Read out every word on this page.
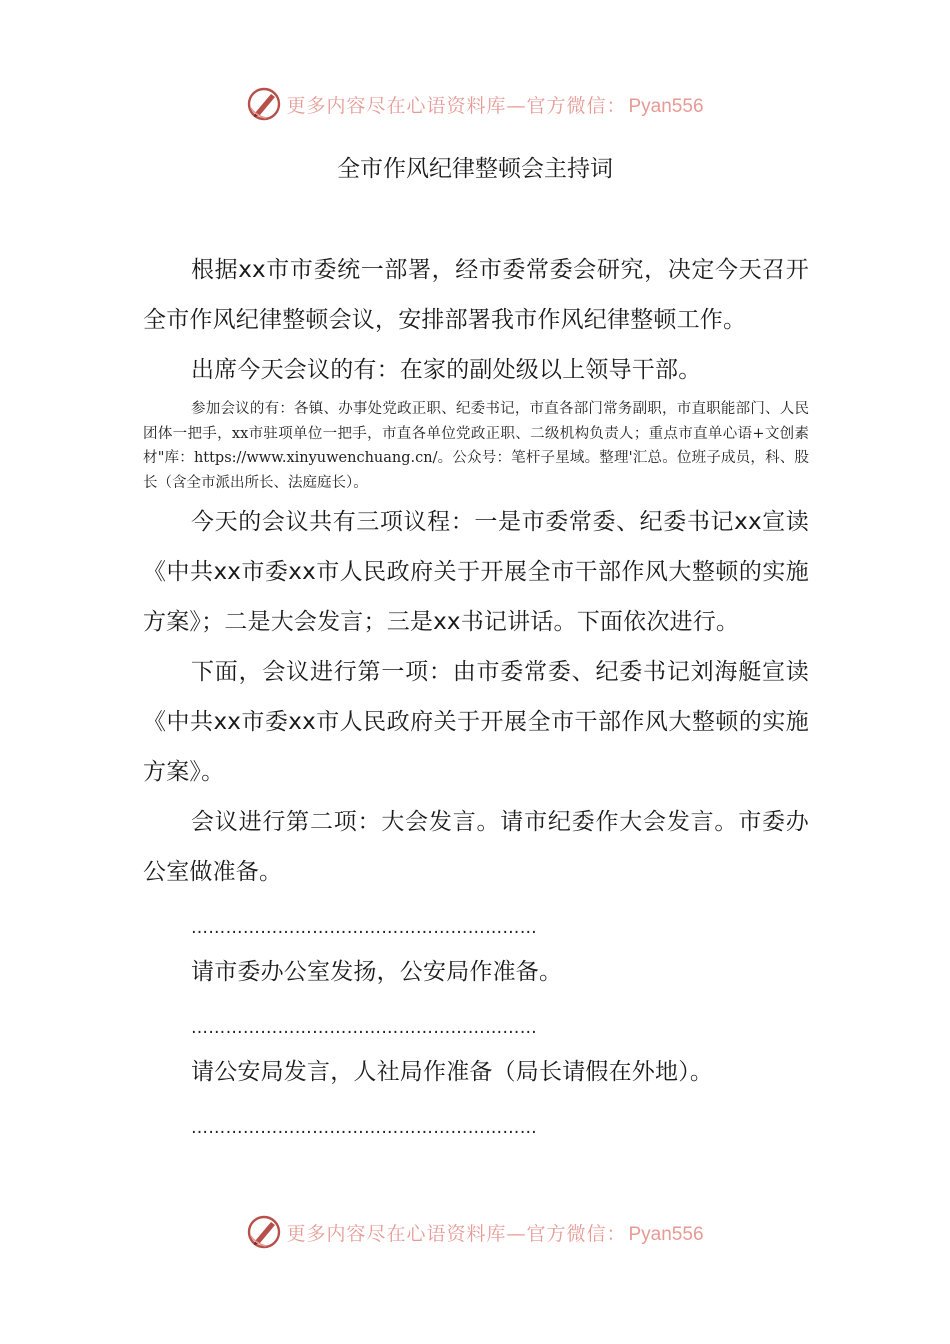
更多内容尽在心语资料库—官方微信： Pyan556
全市作风纪律整顿会主持词

根据xx市市委统一部署，经市委常委会研究，决定今天召开全市作风纪律整顿会议，安排部署我市作风纪律整顿工作。

出席今天会议的有：在家的副处级以上领导干部。

参加会议的有：各镇、办事处党政正职、纪委书记，市直各部门常务副职，市直职能部门、人民团体一把手，xx市驻项单位一把手，市直各单位党政正职、二级机构负责人；重点市直单心语+文创素材"库：https://www.xinyuwenchuang.cn/。公众号：笔杆子星域。整理'汇总。位班子成员，科、股长（含全市派出所长、法庭庭长）。

今天的会议共有三项议程：一是市委常委、纪委书记xx宣读《中共xx市委xx市人民政府关于开展全市干部作风大整顿的实施方案》；二是大会发言；三是xx书记讲话。下面依次进行。

下面，会议进行第一项：由市委常委、纪委书记刘海艇宣读《中共xx市委xx市人民政府关于开展全市干部作风大整顿的实施方案》。

会议进行第二项：大会发言。请市纪委作大会发言。市委办公室做准备。

……………………………………………………

请市委办公室发扬，公安局作准备。

……………………………………………………

请公安局发言，人社局作准备（局长请假在外地）。

……………………………………………………

更多内容尽在心语资料库—官方微信： Pyan556
